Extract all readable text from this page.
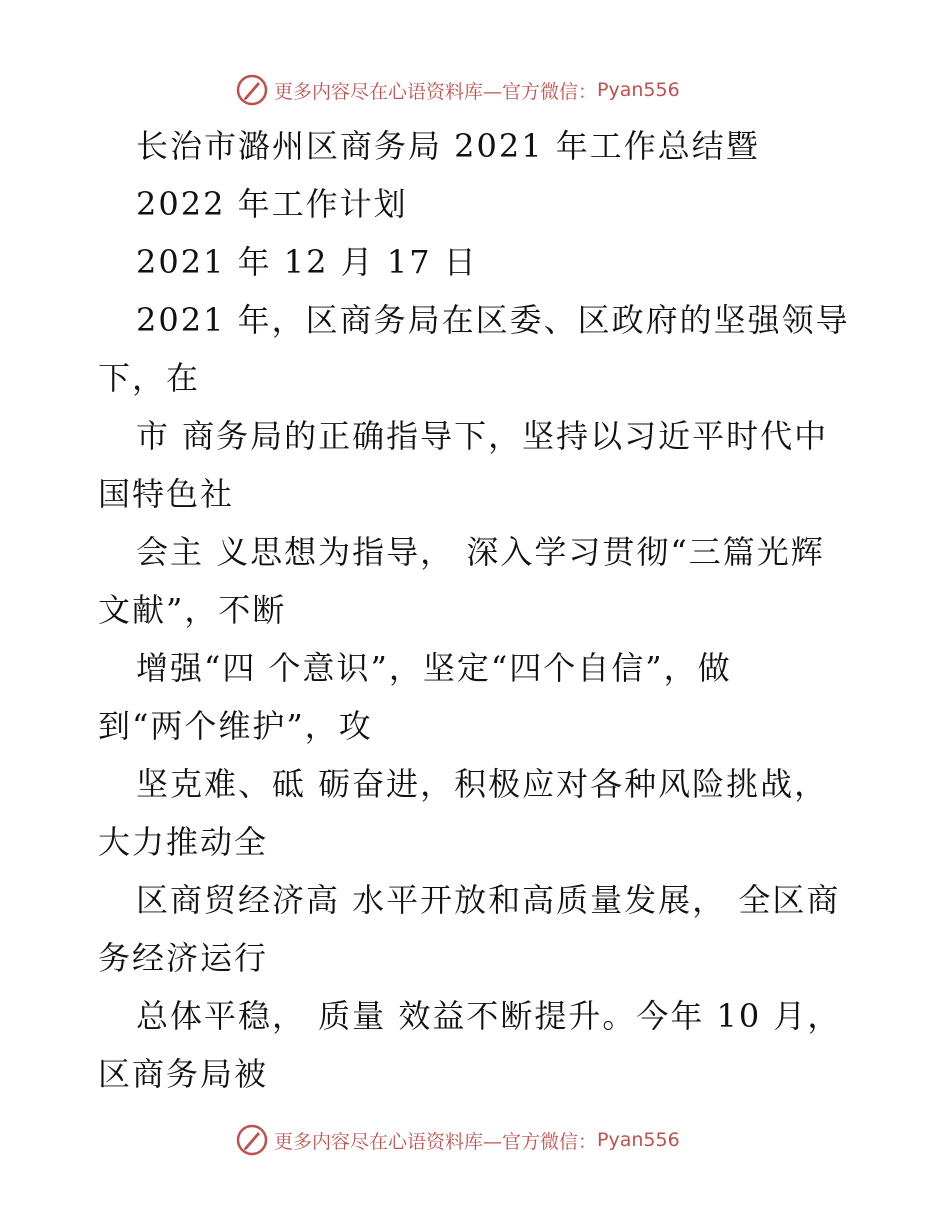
更多内容尽在心语资料库—官方微信： Pyan556
长治市潞州区商务局 2021 年工作总结暨
2022 年工作计划
2021 年 12 月 17 日
2021 年，区商务局在区委、区政府的坚强领导
下，在
市 商务局的正确指导下，坚持以习近平时代中
国特色社
会主 义思想为指导， 深入学习贯彻“三篇光辉
文献”，不断
增强“四 个意识”，坚定“四个自信”，做
到“两个维护”，攻
坚克难、砥 砺奋进，积极应对各种风险挑战，
大力推动全
区商贸经济高 水平开放和高质量发展， 全区商
务经济运行
总体平稳， 质量 效益不断提升。今年 10 月，
区商务局被
更多内容尽在心语资料库—官方微信： Pyan556
